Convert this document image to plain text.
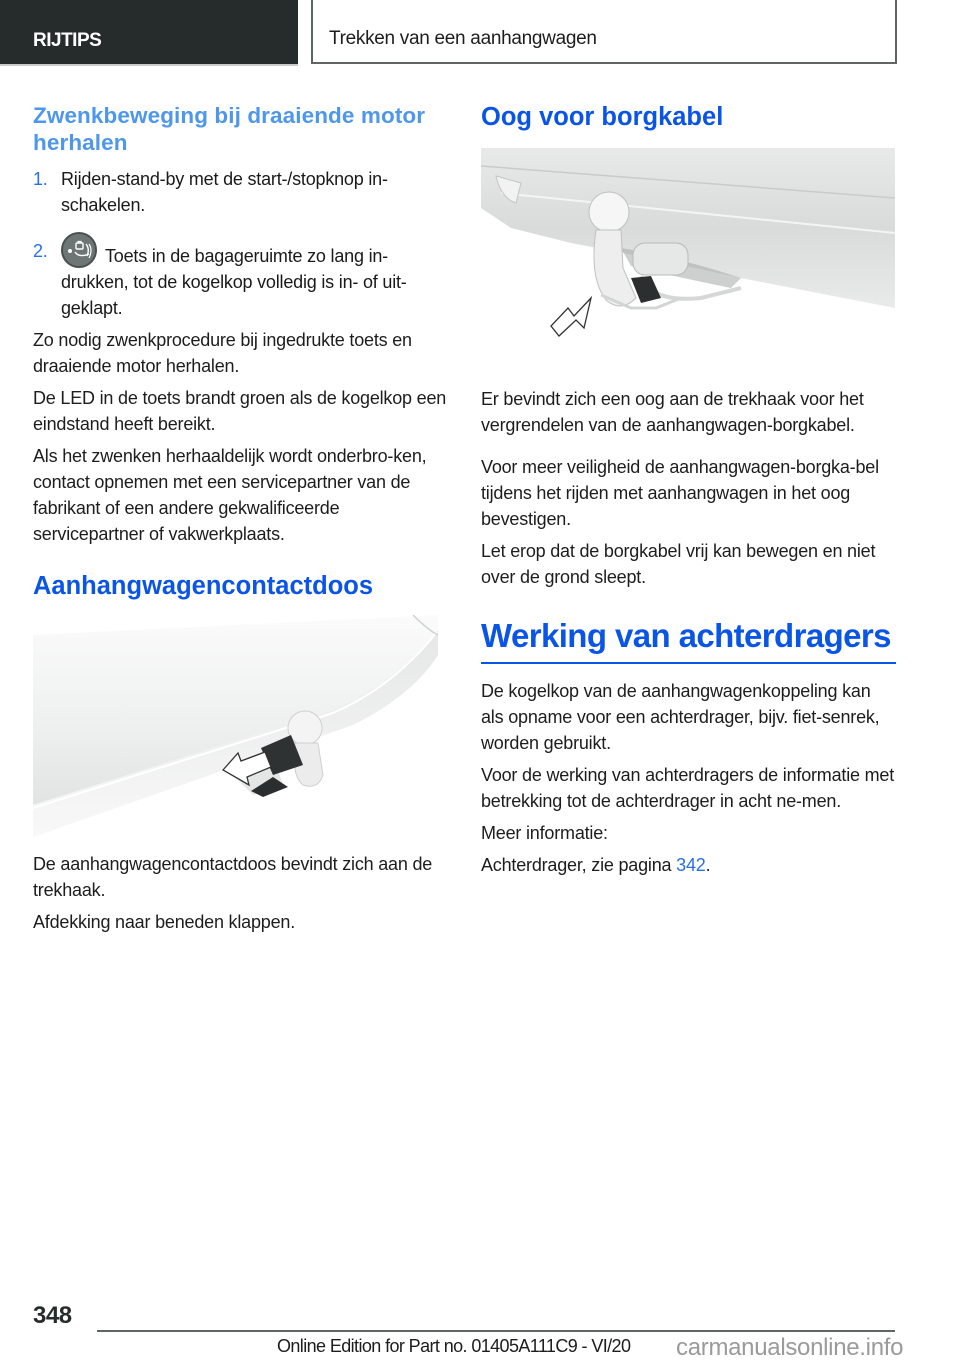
RIJTIPS	Trekken van een aanhangwagen
Zwenkbeweging bij draaiende motor herhalen
1. Rijden-stand-by met de start-/stopknop in-schakelen.
2.	Toets in de bagageruimte zo lang in-drukken, tot de kogelkop volledig is in- of uit-geklapt.

Zo nodig zwenkprocedure bij ingedrukte toets en draaiende motor herhalen.

De LED in de toets brandt groen als de kogelkop een eindstand heeft bereikt.

Als het zwenken herhaaldelijk wordt onderbro-ken, contact opnemen met een servicepartner van de fabrikant of een andere gekwalificeerde servicepartner of vakwerkplaats.

Aanhangwagencontactdoos

De aanhangwagencontactdoos bevindt zich aan de trekhaak.

Afdekking naar beneden klappen.

Oog voor borgkabel

Er bevindt zich een oog aan de trekhaak voor het vergrendelen van de aanhangwagen-borgkabel.

Voor meer veiligheid de aanhangwagen-borgka-bel tijdens het rijden met aanhangwagen in het oog bevestigen.

Let erop dat de borgkabel vrij kan bewegen en niet over de grond sleept.

Werking van achterdragers

De kogelkop van de aanhangwagenkoppeling kan als opname voor een achterdrager, bijv. fiet-senrek, worden gebruikt.

Voor de werking van achterdragers de informatie met betrekking tot de achterdrager in acht ne-men.

Meer informatie:

Achterdrager, zie pagina 342.

348
Online Edition for Part no. 01405A111C9 - VI/20 carmanualsonline.info
